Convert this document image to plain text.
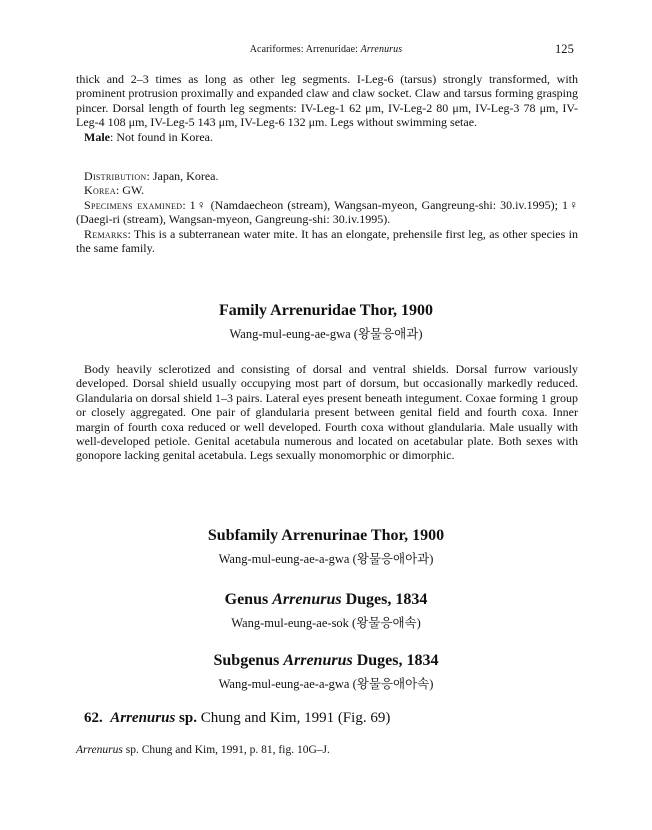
Acariformes: Arrenuridae: Arrenurus	125

thick and 2–3 times as long as other leg segments. I-Leg-6 (tarsus) strongly transformed, with prominent protrusion proximally and expanded claw and claw socket. Claw and tarsus forming grasping pincer. Dorsal length of fourth leg segments: IV-Leg-1 62 μm, IV-Leg-2 80 μm, IV-Leg-3 78 μm, IV-Leg-4 108 μm, IV-Leg-5 143 μm, IV-Leg-6 132 μm. Legs without swimming setae.

Male: Not found in Korea.

Distribution: Japan, Korea.

Korea: GW.

Specimens examined: 1♀ (Namdaecheon (stream), Wangsan-myeon, Gangreung-shi: 30.iv.1995); 1♀ (Daegi-ri (stream), Wangsan-myeon, Gangreung-shi: 30.iv.1995).

Remarks: This is a subterranean water mite. It has an elongate, prehensile first leg, as other species in the same family.

Family Arrenuridae Thor, 1900
Wang-mul-eung-ae-gwa (왕물응애과)

Body heavily sclerotized and consisting of dorsal and ventral shields. Dorsal furrow variously developed. Dorsal shield usually occupying most part of dorsum, but occasionally markedly reduced. Glandularia on dorsal shield 1–3 pairs. Lateral eyes present beneath integument. Coxae forming 1 group or closely aggregated. One pair of glandularia present between genital field and fourth coxa. Inner margin of fourth coxa reduced or well developed. Fourth coxa without glandularia. Male usually with well-developed petiole. Genital acetabula numerous and located on acetabular plate. Both sexes with gonopore lacking genital acetabula. Legs sexually monomorphic or dimorphic.

Subfamily Arrenurinae Thor, 1900
Wang-mul-eung-ae-a-gwa (왕물응애아과)
Genus Arrenurus Duges, 1834
Wang-mul-eung-ae-sok (왕물응애속)
Subgenus Arrenurus Duges, 1834
Wang-mul-eung-ae-a-gwa (왕물응애아속)
62. Arrenurus sp. Chung and Kim, 1991 (Fig. 69)
Arrenurus sp. Chung and Kim, 1991, p. 81, fig. 10G–J.
